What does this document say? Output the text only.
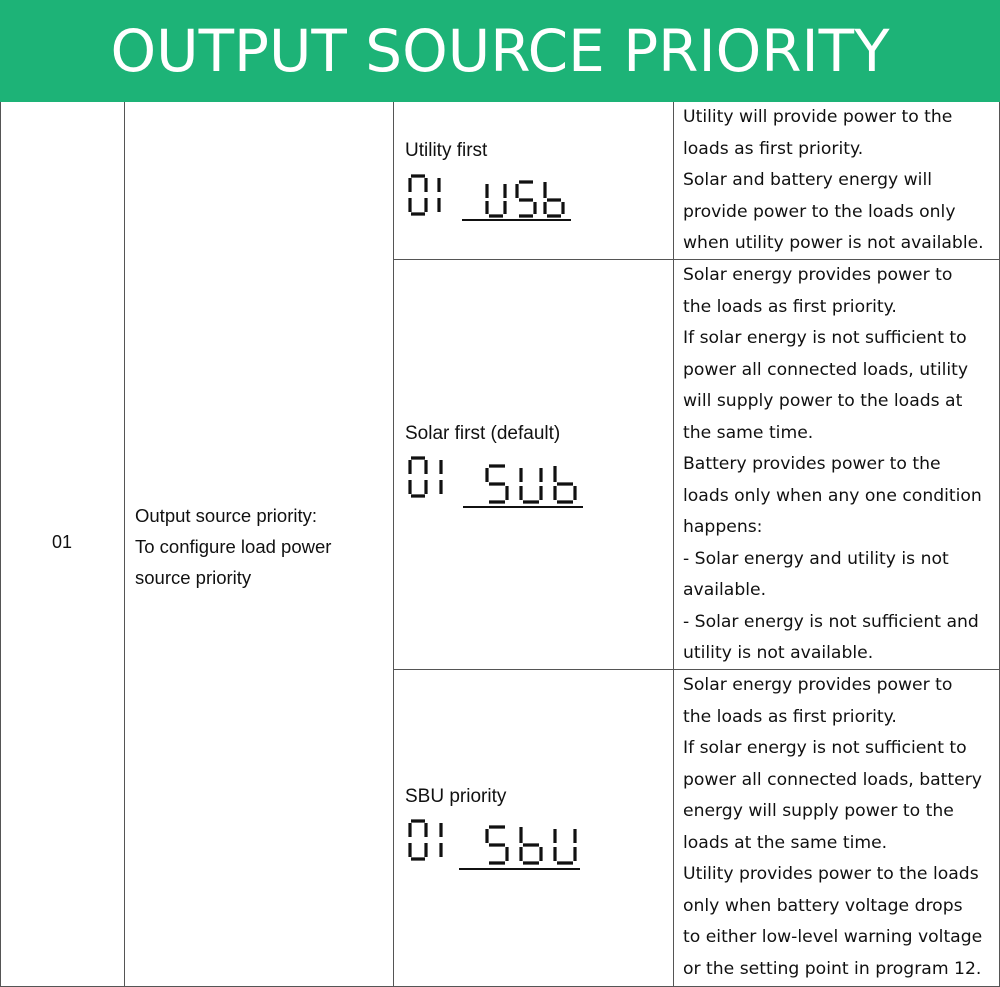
OUTPUT SOURCE PRIORITY
01
Output source priority:
To configure load power
source priority
Utility first
Utility will provide power to the
loads as first priority.
Solar and battery energy will
provide power to the loads only
when utility power is not available.
Solar first (default)
Solar energy provides power to
the loads as first priority.
If solar energy is not sufficient to
power all connected loads, utility
will supply power to the loads at
the same time.
Battery provides power to the
loads only when any one condition
happens:
- Solar energy and utility is not
available.
- Solar energy is not sufficient and
utility is not available.
SBU priority
Solar energy provides power to
the loads as first priority.
If solar energy is not sufficient to
power all connected loads, battery
energy will supply power to the
loads at the same time.
Utility provides power to the loads
only when battery voltage drops
to either low-level warning voltage
or the setting point in program 12.
